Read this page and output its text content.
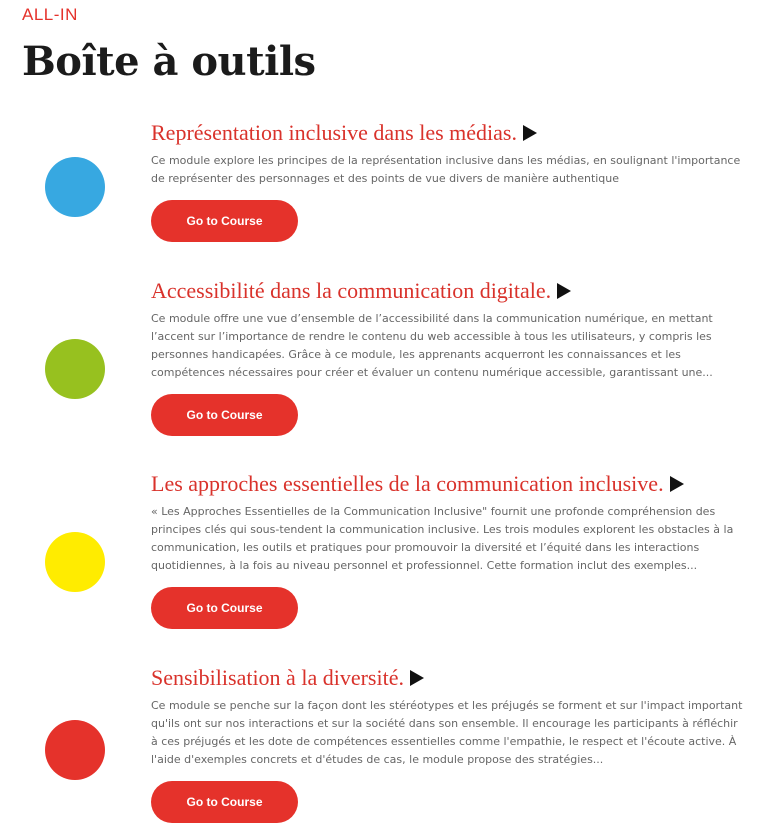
ALL-IN
Boîte à outils
Représentation inclusive dans les médias.

Ce module explore les principes de la représentation inclusive dans les médias, en soulignant l'importance de représenter des personnages et des points de vue divers de manière authentique

Go to Course
Accessibilité dans la communication digitale.

Ce module offre une vue d’ensemble de l’accessibilité dans la communication numérique, en mettant l’accent sur l’importance de rendre le contenu du web accessible à tous les utilisateurs, y compris les personnes handicapées. Grâce à ce module, les apprenants acquerront les connaissances et les compétences nécessaires pour créer et évaluer un contenu numérique accessible, garantissant une...

Go to Course
Les approches essentielles de la communication inclusive.

« Les Approches Essentielles de la Communication Inclusive" fournit une profonde compréhension des principes clés qui sous-tendent la communication inclusive. Les trois modules explorent les obstacles à la communication, les outils et pratiques pour promouvoir la diversité et l’équité dans les interactions quotidiennes, à la fois au niveau personnel et professionnel. Cette formation inclut des exemples...

Go to Course
Sensibilisation à la diversité.

Ce module se penche sur la façon dont les stéréotypes et les préjugés se forment et sur l'impact important qu'ils ont sur nos interactions et sur la société dans son ensemble. Il encourage les participants à réfléchir à ces préjugés et les dote de compétences essentielles comme l'empathie, le respect et l'écoute active. À l'aide d'exemples concrets et d'études de cas, le module propose des stratégies...

Go to Course
